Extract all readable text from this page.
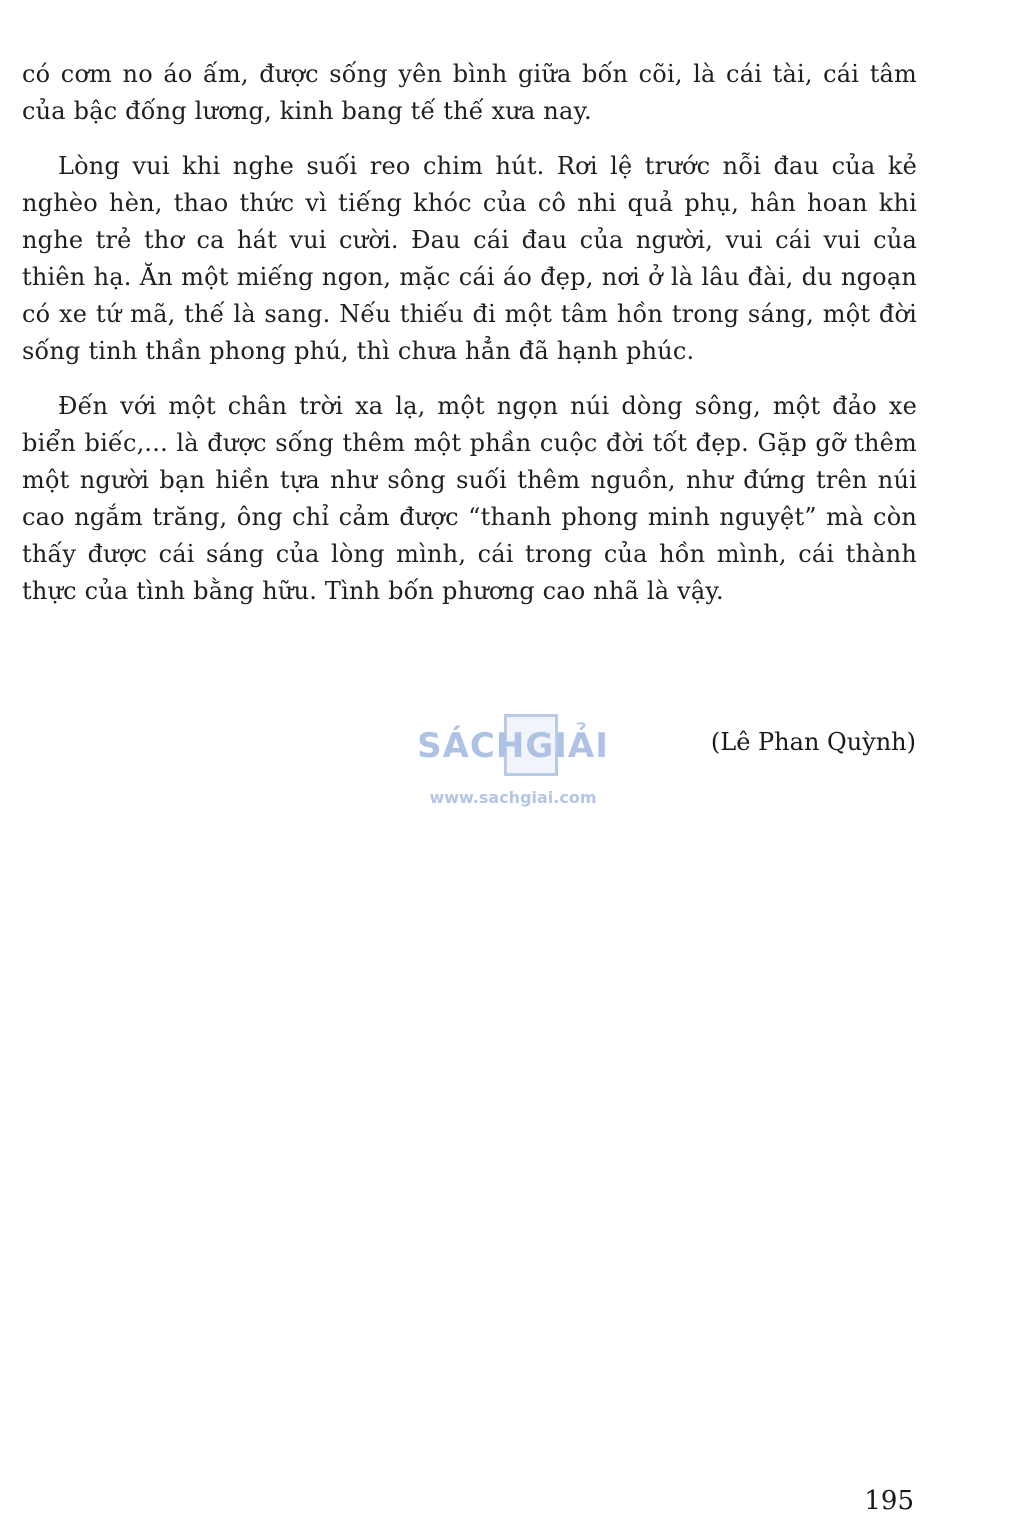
có cơm no áo ấm, được sống yên bình giữa bốn cõi, là cái tài, cái tâm của bậc đống lương, kinh bang tế thế xưa nay.

Lòng vui khi nghe suối reo chim hút. Rơi lệ trước nỗi đau của kẻ nghèo hèn, thao thức vì tiếng khóc của cô nhi quả phụ, hân hoan khi nghe trẻ thơ ca hát vui cười. Đau cái đau của người, vui cái vui của thiên hạ. Ăn một miếng ngon, mặc cái áo đẹp, nơi ở là lâu đài, du ngoạn có xe tứ mã, thế là sang. Nếu thiếu đi một tâm hồn trong sáng, một đời sống tinh thần phong phú, thì chưa hẳn đã hạnh phúc.

Đến với một chân trời xa lạ, một ngọn núi dòng sông, một đảo xe biển biếc,... là được sống thêm một phần cuộc đời tốt đẹp. Gặp gỡ thêm một người bạn hiền tựa như sông suối thêm nguồn, như đứng trên núi cao ngắm trăng, ông chỉ cảm được “thanh phong minh nguyệt” mà còn thấy được cái sáng của lòng mình, cái trong của hồn mình, cái thành thực của tình bằng hữu. Tình bốn phương cao nhã là vậy.

(Lê Phan Quỳnh)
SÁCHGIẢI
www.sachgiai.com
195
